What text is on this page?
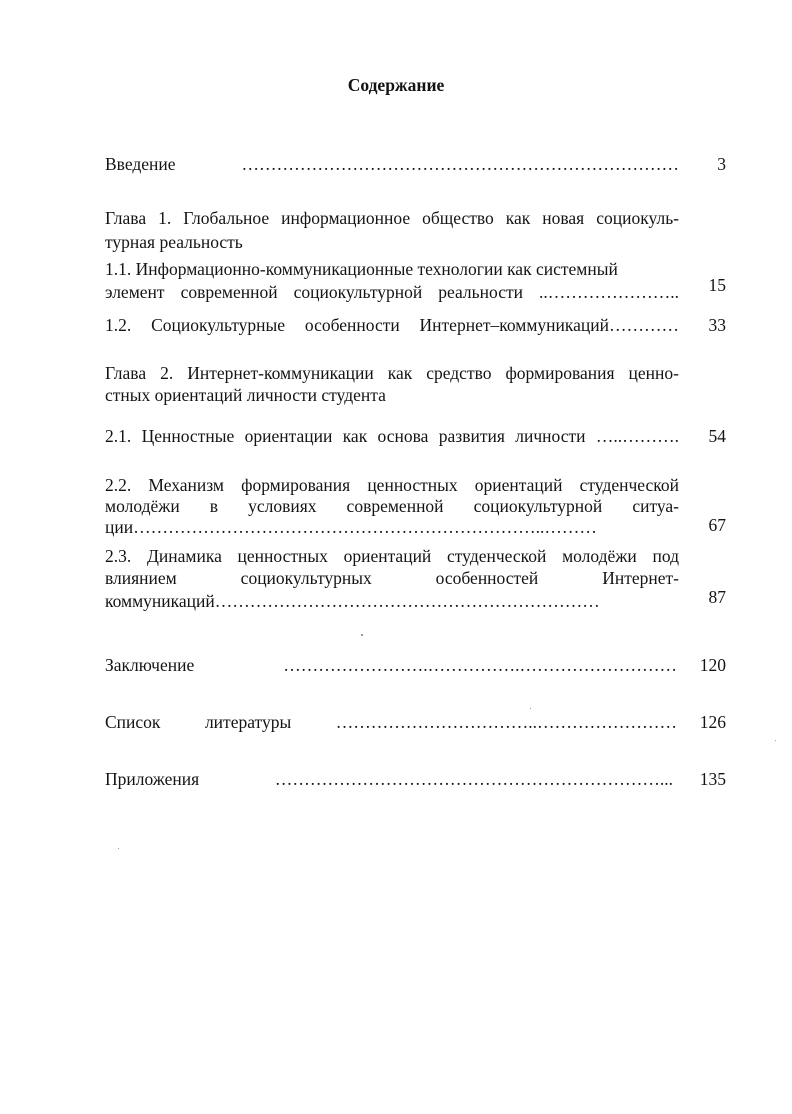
Содержание
Введение …………………………………………………………………	3
Глава 1. Глобальное информационное общество как новая социокуль-
турная реальность
1.1. Информационно-коммуникационные технологии как системный
элемент современной социокультурной реальности ..…………………..	15
1.2. Социокультурные особенности Интернет–коммуникаций…………	33
Глава 2. Интернет-коммуникации как средство формирования ценно-
стных ориентаций личности студента
2.1. Ценностные ориентации как основа развития личности …..……….	54
2.2. Механизм формирования ценностных ориентаций студенческой
молодёжи в условиях современной социокультурной ситуа-
ции……………………………………………………………..………	67
2.3. Динамика ценностных ориентаций студенческой молодёжи под
влиянием социокультурных особенностей Интернет-
коммуникаций…………………………………………………………	87
Заключение …………………….…………….………………………	120
Список литературы ……………………………..……………………	126
Приложения …………………………………………………………...	135
